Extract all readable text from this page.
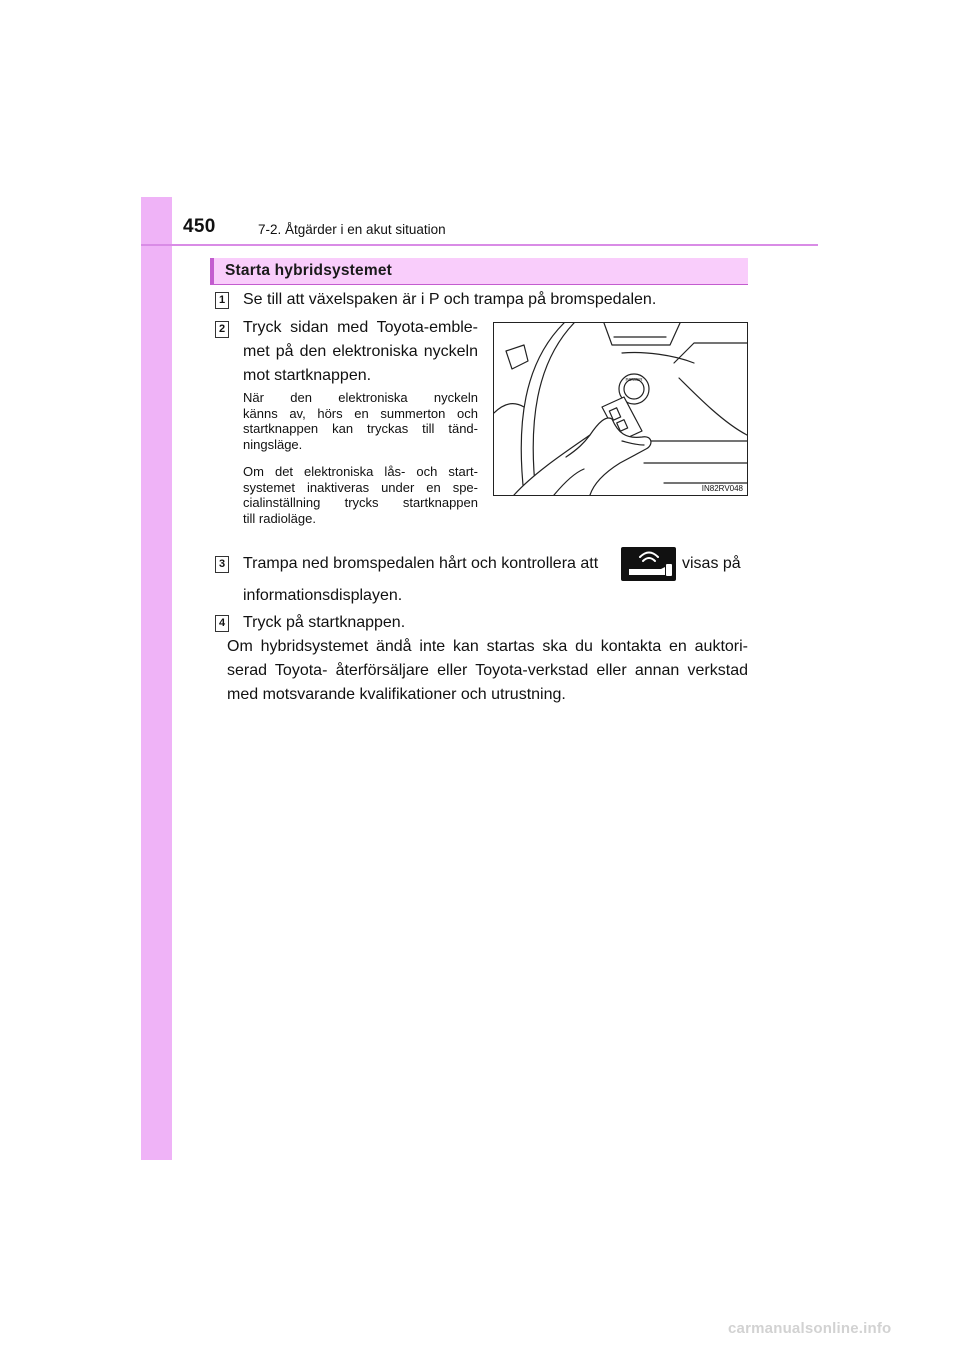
450	7-2. Åtgärder i en akut situation
Starta hybridsystemet
1 Se till att växelspaken är i P och trampa på bromspedalen.
2 Tryck sidan med Toyota-emble-
met på den elektroniska nyckeln
mot startknappen.
När den elektroniska nyckeln
känns av, hörs en summerton och
startknappen kan tryckas till tänd-
ningsläge.
Om det elektroniska lås- och start-
systemet inaktiveras under en spe-
cialinställning trycks startknappen
till radioläge.
POWER
IN82RV048
3 Trampa ned bromspedalen hårt och kontrollera att	visas på
informationsdisplayen.
4 Tryck på startknappen.
Om hybridsystemet ändå inte kan startas ska du kontakta en auktori-
serad Toyota- återförsäljare eller Toyota-verkstad eller annan verkstad
med motsvarande kvalifikationer och utrustning.
carmanualsonline.info
